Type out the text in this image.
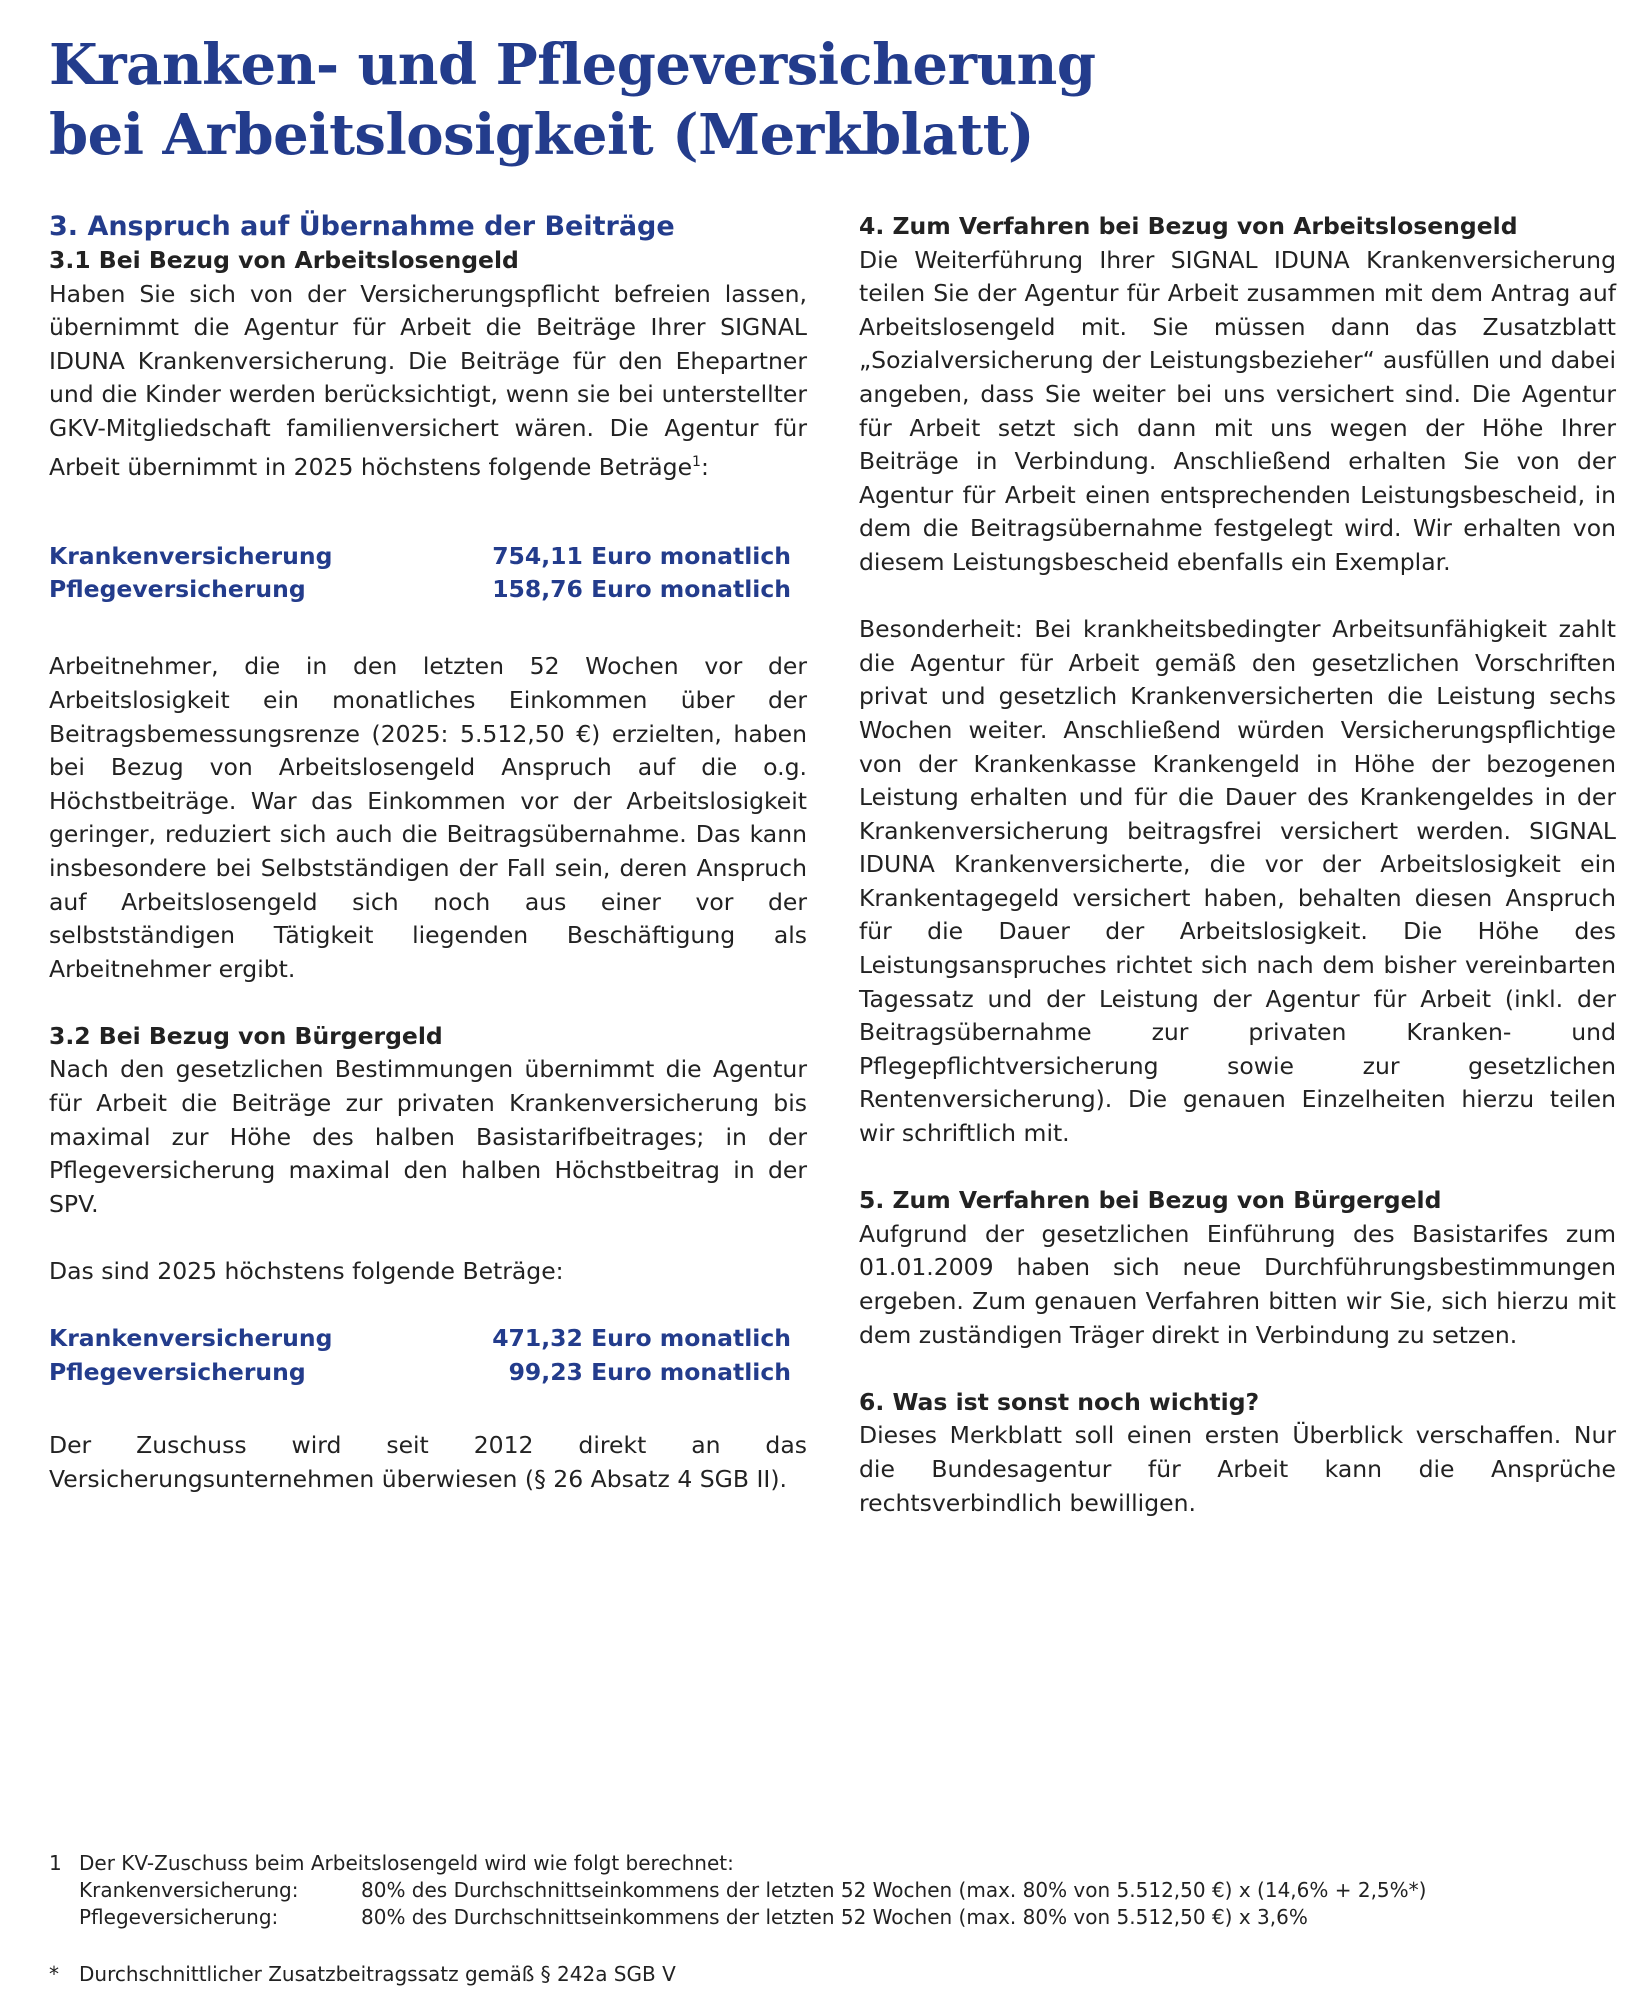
Kranken- und Pflegeversicherung
bei Arbeitslosigkeit (Merkblatt)
3. Anspruch auf Übernahme der Beiträge
3.1 Bei Bezug von Arbeitslosengeld

Haben Sie sich von der Versicherungspflicht befreien lassen, übernimmt die Agentur für Arbeit die Beiträge Ihrer SIGNAL IDUNA Krankenversicherung. Die Beiträge für den Ehepartner und die Kinder werden berücksichtigt, wenn sie bei unterstellter GKV-Mitgliedschaft familienversichert wären. Die Agentur für Arbeit übernimmt in 2025 höchstens folgende Beträge$^1$:

Krankenversicherung	754,11 Euro monatlich
Pflegeversicherung	158,76 Euro monatlich

Arbeitnehmer, die in den letzten 52 Wochen vor der Arbeitslosigkeit ein monatliches Einkommen über der Beitragsbemessungsrenze (2025: 5.512,50 €) erzielten, haben bei Bezug von Arbeitslosengeld Anspruch auf die o.g. Höchstbeiträge. War das Einkommen vor der Arbeitslosigkeit geringer, reduziert sich auch die Beitragsübernahme. Das kann insbesondere bei Selbstständigen der Fall sein, deren Anspruch auf Arbeitslosengeld sich noch aus einer vor der selbstständigen Tätigkeit liegenden Beschäftigung als Arbeitnehmer ergibt.

3.2 Bei Bezug von Bürgergeld

Nach den gesetzlichen Bestimmungen übernimmt die Agentur für Arbeit die Beiträge zur privaten Krankenversicherung bis maximal zur Höhe des halben Basistarifbeitrages; in der Pflegeversicherung maximal den halben Höchstbeitrag in der SPV.

Das sind 2025 höchstens folgende Beträge:

Krankenversicherung	471,32 Euro monatlich
Pflegeversicherung	99,23 Euro monatlich

Der Zuschuss wird seit 2012 direkt an das Versicherungsunternehmen überwiesen (§ 26 Absatz 4 SGB II).

4. Zum Verfahren bei Bezug von Arbeitslosengeld

Die Weiterführung Ihrer SIGNAL IDUNA Krankenversicherung teilen Sie der Agentur für Arbeit zusammen mit dem Antrag auf Arbeitslosengeld mit. Sie müssen dann das Zusatzblatt „Sozialversicherung der Leistungsbezieher“ ausfüllen und dabei angeben, dass Sie weiter bei uns versichert sind. Die Agentur für Arbeit setzt sich dann mit uns wegen der Höhe Ihrer Beiträge in Verbindung. Anschließend erhalten Sie von der Agentur für Arbeit einen entsprechenden Leistungsbescheid, in dem die Beitragsübernahme festgelegt wird. Wir erhalten von diesem Leistungsbescheid ebenfalls ein Exemplar.

Besonderheit: Bei krankheitsbedingter Arbeitsunfähigkeit zahlt die Agentur für Arbeit gemäß den gesetzlichen Vorschriften privat und gesetzlich Krankenversicherten die Leistung sechs Wochen weiter. Anschließend würden Versicherungspflichtige von der Krankenkasse Krankengeld in Höhe der bezogenen Leistung erhalten und für die Dauer des Krankengeldes in der Krankenversicherung beitragsfrei versichert werden. SIGNAL IDUNA Krankenversicherte, die vor der Arbeitslosigkeit ein Krankentagegeld versichert haben, behalten diesen Anspruch für die Dauer der Arbeitslosigkeit. Die Höhe des Leistungsanspruches richtet sich nach dem bisher vereinbarten Tagessatz und der Leistung der Agentur für Arbeit (inkl. der Beitragsübernahme zur privaten Kranken- und Pflegepflichtversicherung sowie zur gesetzlichen Rentenversicherung). Die genauen Einzelheiten hierzu teilen wir schriftlich mit.

5. Zum Verfahren bei Bezug von Bürgergeld

Aufgrund der gesetzlichen Einführung des Basistarifes zum 01.01.2009 haben sich neue Durchführungsbestimmungen ergeben. Zum genauen Verfahren bitten wir Sie, sich hierzu mit dem zuständigen Träger direkt in Verbindung zu setzen.

6. Was ist sonst noch wichtig?

Dieses Merkblatt soll einen ersten Überblick verschaffen. Nur die Bundesagentur für Arbeit kann die Ansprüche rechtsverbindlich bewilligen.

1 Der KV-Zuschuss beim Arbeitslosengeld wird wie folgt berechnet:
Krankenversicherung:	80% des Durchschnittseinkommens der letzten 52 Wochen (max. 80% von 5.512,50 €) x (14,6% + 2,5%*)
Pflegeversicherung:	80% des Durchschnittseinkommens der letzten 52 Wochen (max. 80% von 5.512,50 €) x 3,6%
*	Durchschnittlicher Zusatzbeitragssatz gemäß § 242a SGB V
